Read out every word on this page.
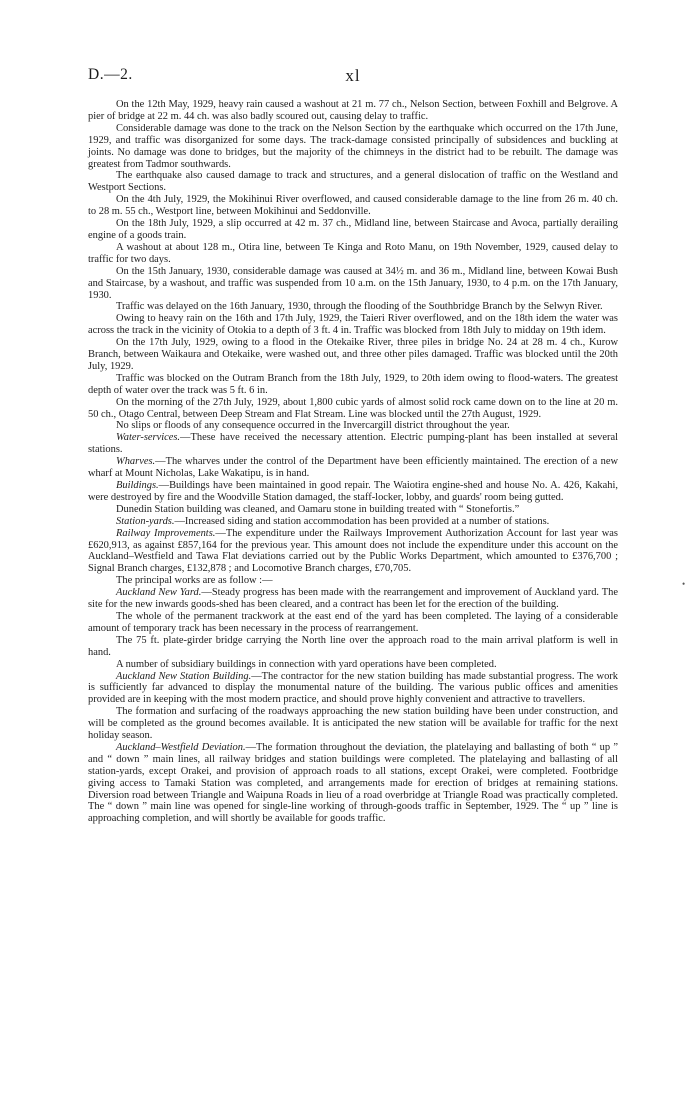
D.—2.	xl

On the 12th May, 1929, heavy rain caused a washout at 21 m. 77 ch., Nelson Section, between Foxhill and Belgrove. A pier of bridge at 22 m. 44 ch. was also badly scoured out, causing delay to traffic.

Considerable damage was done to the track on the Nelson Section by the earthquake which occurred on the 17th June, 1929, and traffic was disorganized for some days. The track-damage consisted principally of subsidences and buckling at joints. No damage was done to bridges, but the majority of the chimneys in the district had to be rebuilt. The damage was greatest from Tadmor southwards.

The earthquake also caused damage to track and structures, and a general dislocation of traffic on the Westland and Westport Sections.

On the 4th July, 1929, the Mokihinui River overflowed, and caused considerable damage to the line from 26 m. 40 ch. to 28 m. 55 ch., Westport line, between Mokihinui and Seddonville.

On the 18th July, 1929, a slip occurred at 42 m. 37 ch., Midland line, between Staircase and Avoca, partially derailing engine of a goods train.

A washout at about 128 m., Otira line, between Te Kinga and Roto Manu, on 19th November, 1929, caused delay to traffic for two days.

On the 15th January, 1930, considerable damage was caused at 34½ m. and 36 m., Midland line, between Kowai Bush and Staircase, by a washout, and traffic was suspended from 10 a.m. on the 15th January, 1930, to 4 p.m. on the 17th January, 1930.

Traffic was delayed on the 16th January, 1930, through the flooding of the Southbridge Branch by the Selwyn River.

Owing to heavy rain on the 16th and 17th July, 1929, the Taieri River overflowed, and on the 18th idem the water was across the track in the vicinity of Otokia to a depth of 3 ft. 4 in. Traffic was blocked from 18th July to midday on 19th idem.

On the 17th July, 1929, owing to a flood in the Otekaike River, three piles in bridge No. 24 at 28 m. 4 ch., Kurow Branch, between Waikaura and Otekaike, were washed out, and three other piles damaged. Traffic was blocked until the 20th July, 1929.

Traffic was blocked on the Outram Branch from the 18th July, 1929, to 20th idem owing to flood-waters. The greatest depth of water over the track was 5 ft. 6 in.

On the morning of the 27th July, 1929, about 1,800 cubic yards of almost solid rock came down on to the line at 20 m. 50 ch., Otago Central, between Deep Stream and Flat Stream. Line was blocked until the 27th August, 1929.

No slips or floods of any consequence occurred in the Invercargill district throughout the year.

Water-services.—These have received the necessary attention. Electric pumping-plant has been installed at several stations.

Wharves.—The wharves under the control of the Department have been efficiently maintained. The erection of a new wharf at Mount Nicholas, Lake Wakatipu, is in hand.

Buildings.—Buildings have been maintained in good repair. The Waiotira engine-shed and house No. A. 426, Kakahi, were destroyed by fire and the Woodville Station damaged, the staff-locker, lobby, and guards' room being gutted.

Dunedin Station building was cleaned, and Oamaru stone in building treated with “ Stonefortis.”

Station-yards.—Increased siding and station accommodation has been provided at a number of stations.

Railway Improvements.—The expenditure under the Railways Improvement Authorization Account for last year was £620,913, as against £857,164 for the previous year. This amount does not include the expenditure under this account on the Auckland–Westfield and Tawa Flat deviations carried out by the Public Works Department, which amounted to £376,700 ; Signal Branch charges, £132,878 ; and Locomotive Branch charges, £70,705.

The principal works are as follow :—

Auckland New Yard.—Steady progress has been made with the rearrangement and improvement of Auckland yard. The site for the new inwards goods-shed has been cleared, and a contract has been let for the erection of the building.

The whole of the permanent trackwork at the east end of the yard has been completed. The laying of a considerable amount of temporary track has been necessary in the process of rearrangement.

The 75 ft. plate-girder bridge carrying the North line over the approach road to the main arrival platform is well in hand.

A number of subsidiary buildings in connection with yard operations have been completed.

Auckland New Station Building.—The contractor for the new station building has made substantial progress. The work is sufficiently far advanced to display the monumental nature of the building. The various public offices and amenities provided are in keeping with the most modern practice, and should prove highly convenient and attractive to travellers.

The formation and surfacing of the roadways approaching the new station building have been under construction, and will be completed as the ground becomes available. It is anticipated the new station will be available for traffic for the next holiday season.

Auckland–Westfield Deviation.—The formation throughout the deviation, the platelaying and ballasting of both “ up ” and “ down ” main lines, all railway bridges and station buildings were completed. The platelaying and ballasting of all station-yards, except Orakei, and provision of approach roads to all stations, except Orakei, were completed. Footbridge giving access to Tamaki Station was completed, and arrangements made for erection of bridges at remaining stations. Diversion road between Triangle and Waipuna Roads in lieu of a road overbridge at Triangle Road was practically completed. The “ down ” main line was opened for single-line working of through-goods traffic in September, 1929. The “ up ” line is approaching completion, and will shortly be available for goods traffic.

•
